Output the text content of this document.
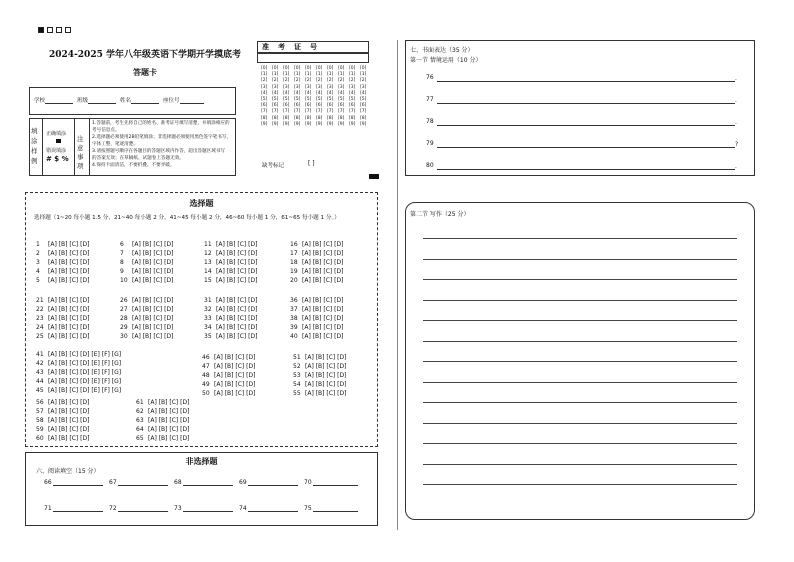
2024-2025 学年八年级英语下学期开学摸底考
答题卡
学校	班级	姓名	座位号
填涂样例
正确填涂
错误填涂
# $ %
注意事项
1.答题前，考生先将自己的姓名、准考证号填写清楚，并填涂相应的
考号信息点。
2.选择题必须使用2B铅笔填涂；非选择题必须使用黑色签字笔书写，
字体工整，笔迹清楚。
3.请按照题号顺序在各题目的答题区域内作答，超出答题区域书写
的答案无效；在草稿纸、试题卷上答题无效。
4.保持卡面清洁，不要折叠、不要弄破。
准　考　证　号
[0] [0] [0] [0] [0] [0] [0] [0] [0] [0]
[1] [1] [1] [1] [1] [1] [1] [1] [1] [1]
[2] [2] [2] [2] [2] [2] [2] [2] [2] [2]
[3] [3] [3] [3] [3] [3] [3] [3] [3] [3]
[4] [4] [4] [4] [4] [4] [4] [4] [4] [4]
[5] [5] [5] [5] [5] [5] [5] [5] [5] [5]
[6] [6] [6] [6] [6] [6] [6] [6] [6] [6]
[7] [7] [7] [7] [7] [7] [7] [7] [7] [7]
[8] [8] [8] [8] [8] [8] [8] [8] [8] [8]
[9] [9] [9] [9] [9] [9] [9] [9] [9] [9]
缺考标记	[ ]
选择题
选择题（1~20 每小题 1.5 分，21~40 每小题 2 分，41~45 每小题 2 分，46~60 每小题 1 分，61~65 每小题 1 分。）
1	[A] [B] [C] [D]
2	[A] [B] [C] [D]
3	[A] [B] [C] [D]
4	[A] [B] [C] [D]
5	[A] [B] [C] [D]
6	[A] [B] [C] [D]
7	[A] [B] [C] [D]
8	[A] [B] [C] [D]
9	[A] [B] [C] [D]
10 [A] [B] [C] [D]
11 [A] [B] [C] [D]
12 [A] [B] [C] [D]
13 [A] [B] [C] [D]
14 [A] [B] [C] [D]
15 [A] [B] [C] [D]
16 [A] [B] [C] [D]
17 [A] [B] [C] [D]
18 [A] [B] [C] [D]
19 [A] [B] [C] [D]
20 [A] [B] [C] [D]
21 [A] [B] [C] [D]
22 [A] [B] [C] [D]
23 [A] [B] [C] [D]
24 [A] [B] [C] [D]
25 [A] [B] [C] [D]
26 [A] [B] [C] [D]
27 [A] [B] [C] [D]
28 [A] [B] [C] [D]
29 [A] [B] [C] [D]
30 [A] [B] [C] [D]
31 [A] [B] [C] [D]
32 [A] [B] [C] [D]
33 [A] [B] [C] [D]
34 [A] [B] [C] [D]
35 [A] [B] [C] [D]
36 [A] [B] [C] [D]
37 [A] [B] [C] [D]
38 [A] [B] [C] [D]
39 [A] [B] [C] [D]
40 [A] [B] [C] [D]
41 [A] [B] [C] [D] [E] [F] [G]
42 [A] [B] [C] [D] [E] [F] [G]
43 [A] [B] [C] [D] [E] [F] [G]
44 [A] [B] [C] [D] [E] [F] [G]
45 [A] [B] [C] [D] [E] [F] [G]
46 [A] [B] [C] [D]
47 [A] [B] [C] [D]
48 [A] [B] [C] [D]
49 [A] [B] [C] [D]
50 [A] [B] [C] [D]
51 [A] [B] [C] [D]
52 [A] [B] [C] [D]
53 [A] [B] [C] [D]
54 [A] [B] [C] [D]
55 [A] [B] [C] [D]
56 [A] [B] [C] [D]
57 [A] [B] [C] [D]
58 [A] [B] [C] [D]
59 [A] [B] [C] [D]
60 [A] [B] [C] [D]
61 [A] [B] [C] [D]
62 [A] [B] [C] [D]
63 [A] [B] [C] [D]
64 [A] [B] [C] [D]
65 [A] [B] [C] [D]
非选择题
六、阅读填空（15 分）
66	67	68	69	70
71	72	73	74	75
七、书面表达（35 分）
第一节 情境运用（10 分）
76	.
77	.
78	.
79	?
80	.
第二节 写作（25 分）
